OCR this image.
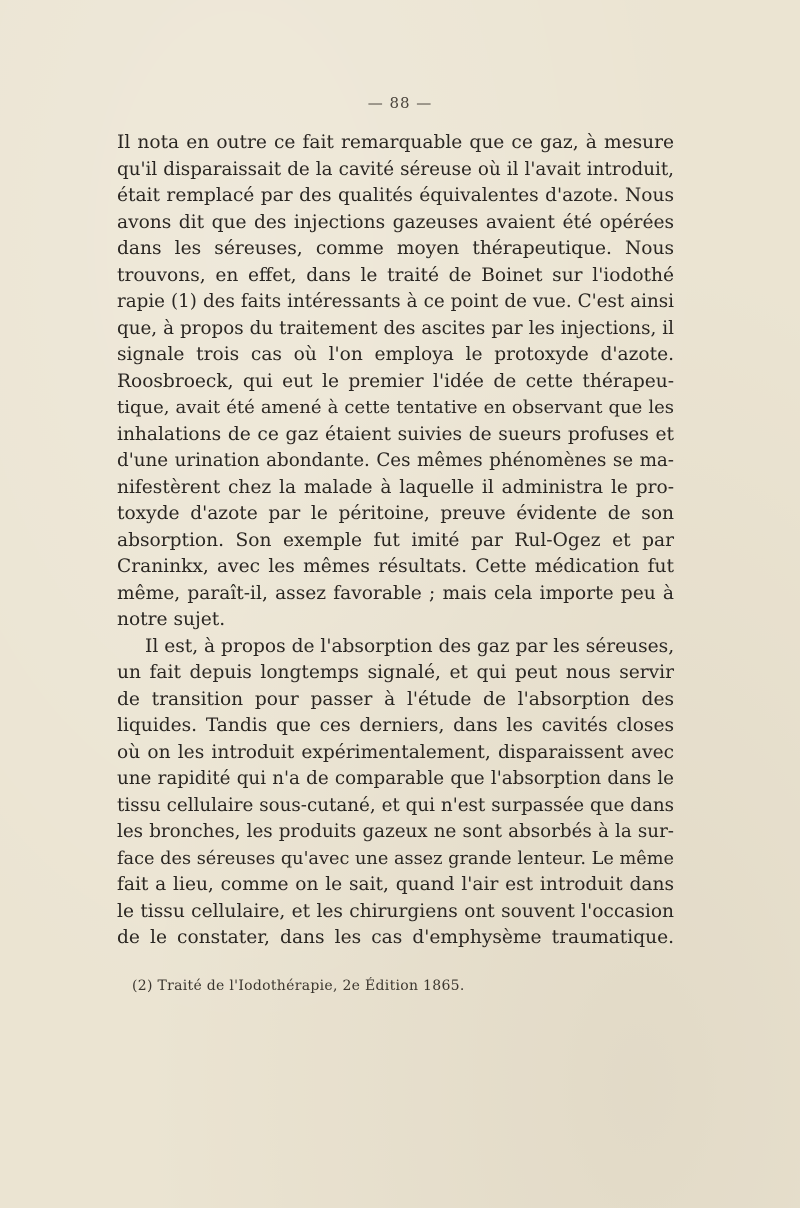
— 88 —
Il nota en outre ce fait remarquable que ce gaz, à mesure
qu'il disparaissait de la cavité séreuse où il l'avait introduit,
était remplacé par des qualités équivalentes d'azote. Nous
avons dit que des injections gazeuses avaient été opérées
dans les séreuses, comme moyen thérapeutique. Nous
trouvons, en effet, dans le traité de Boinet sur l'iodothé
rapie (1) des faits intéressants à ce point de vue. C'est ainsi
que, à propos du traitement des ascites par les injections, il
signale trois cas où l'on employa le protoxyde d'azote.
Roosbroeck, qui eut le premier l'idée de cette thérapeu-
tique, avait été amené à cette tentative en observant que les
inhalations de ce gaz étaient suivies de sueurs profuses et
d'une urination abondante. Ces mêmes phénomènes se ma-
nifestèrent chez la malade à laquelle il administra le pro-
toxyde d'azote par le péritoine, preuve évidente de son
absorption. Son exemple fut imité par Rul-Ogez et par
Craninkx, avec les mêmes résultats. Cette médication fut
même, paraît-il, assez favorable ; mais cela importe peu à
notre sujet.
Il est, à propos de l'absorption des gaz par les séreuses,
un fait depuis longtemps signalé, et qui peut nous servir
de transition pour passer à l'étude de l'absorption des
liquides. Tandis que ces derniers, dans les cavités closes
où on les introduit expérimentalement, disparaissent avec
une rapidité qui n'a de comparable que l'absorption dans le
tissu cellulaire sous-cutané, et qui n'est surpassée que dans
les bronches, les produits gazeux ne sont absorbés à la sur-
face des séreuses qu'avec une assez grande lenteur. Le même
fait a lieu, comme on le sait, quand l'air est introduit dans
le tissu cellulaire, et les chirurgiens ont souvent l'occasion
de le constater, dans les cas d'emphysème traumatique.
(2) Traité de l'Iodothérapie, 2e Édition 1865.
